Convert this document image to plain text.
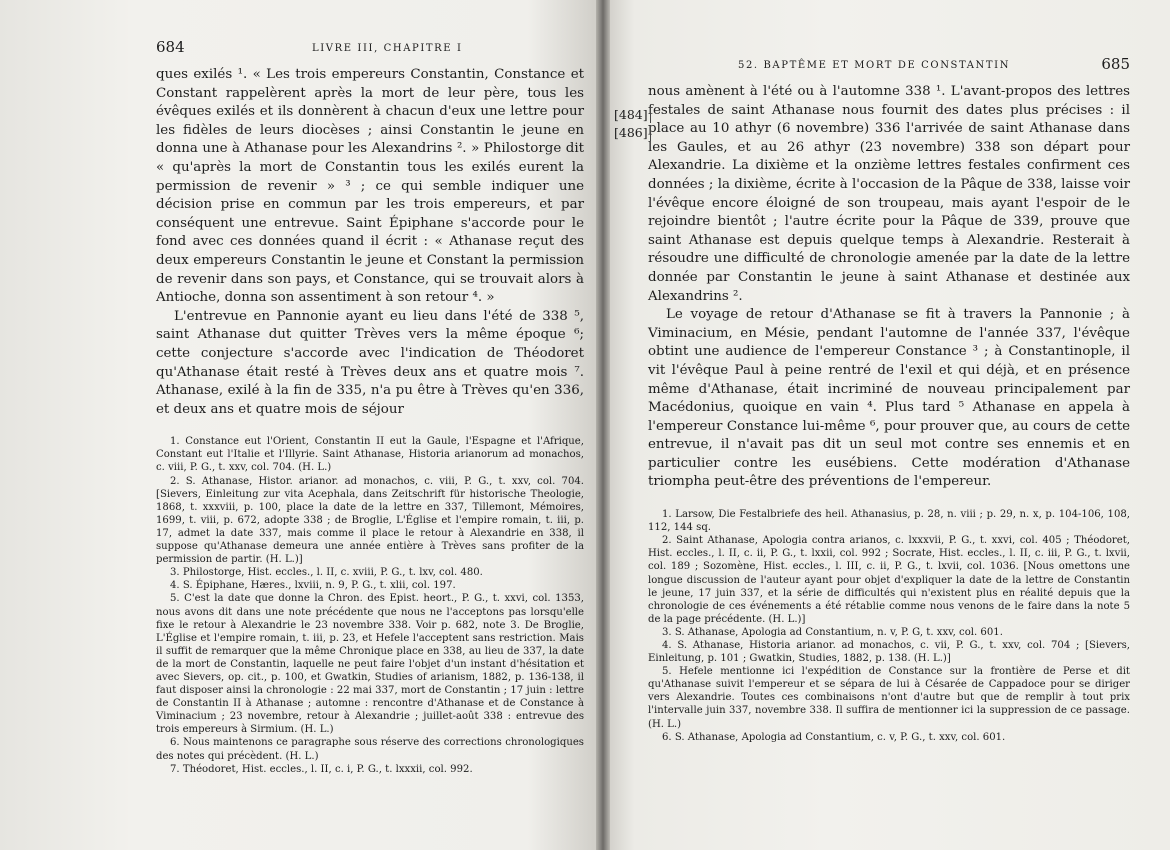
684	LIVRE III, CHAPITRE I

ques exilés ¹. « Les trois empereurs Constantin, Constance et Constant rappelèrent après la mort de leur père, tous les évêques exilés et ils donnèrent à chacun d'eux une lettre pour les fidèles de leurs diocèses ; ainsi Constantin le jeune en donna une à Athanase pour les Alexandrins ². » Philostorge dit « qu'après la mort de Constantin tous les exilés eurent la permission de revenir » ³ ; ce qui semble indiquer une décision prise en commun par les trois empereurs, et par conséquent une entrevue. Saint Épiphane s'accorde pour le fond avec ces données quand il écrit : « Athanase reçut des deux empereurs Constantin le jeune et Constant la permission de revenir dans son pays, et Constance, qui se trouvait alors à Antioche, donna son assentiment à son retour ⁴. »

L'entrevue en Pannonie ayant eu lieu dans l'été de 338 ⁵, saint Athanase dut quitter Trèves vers la même époque ⁶; cette conjecture s'accorde avec l'indication de Théodoret qu'Athanase était resté à Trèves deux ans et quatre mois ⁷. Athanase, exilé à la fin de 335, n'a pu être à Trèves qu'en 336, et deux ans et quatre mois de séjour

1. Constance eut l'Orient, Constantin II eut la Gaule, l'Espagne et l'Afrique, Constant eut l'Italie et l'Illyrie. Saint Athanase, Historia arianorum ad monachos, c. viii, P. G., t. xxv, col. 704. (H. L.)

2. S. Athanase, Histor. arianor. ad monachos, c. viii, P. G., t. xxv, col. 704. [Sievers, Einleitung zur vita Acephala, dans Zeitschrift für historische Theologie, 1868, t. xxxviii, p. 100, place la date de la lettre en 337, Tillemont, Mémoires, 1699, t. viii, p. 672, adopte 338 ; de Broglie, L'Église et l'empire romain, t. iii, p. 17, admet la date 337, mais comme il place le retour à Alexandrie en 338, il suppose qu'Athanase demeura une année entière à Trèves sans profiter de la permission de partir. (H. L.)]

3. Philostorge, Hist. eccles., l. II, c. xviii, P. G., t. lxv, col. 480.

4. S. Épiphane, Hæres., lxviii, n. 9, P. G., t. xlii, col. 197.

5. C'est la date que donne la Chron. des Epist. heort., P. G., t. xxvi, col. 1353, nous avons dit dans une note précédente que nous ne l'acceptons pas lorsqu'elle fixe le retour à Alexandrie le 23 novembre 338. Voir p. 682, note 3. De Broglie, L'Église et l'empire romain, t. iii, p. 23, et Hefele l'acceptent sans restriction. Mais il suffit de remarquer que la même Chronique place en 338, au lieu de 337, la date de la mort de Constantin, laquelle ne peut faire l'objet d'un instant d'hésitation et avec Sievers, op. cit., p. 100, et Gwatkin, Studies of arianism, 1882, p. 136-138, il faut disposer ainsi la chronologie : 22 mai 337, mort de Constantin ; 17 juin : lettre de Constantin II à Athanase ; automne : rencontre d'Athanase et de Constance à Viminacium ; 23 novembre, retour à Alexandrie ; juillet-août 338 : entrevue des trois empereurs à Sirmium. (H. L.)

6. Nous maintenons ce paragraphe sous réserve des corrections chronologiques des notes qui précèdent. (H. L.)

7. Théodoret, Hist. eccles., l. II, c. i, P. G., t. lxxxii, col. 992.

52. BAPTÊME ET MORT DE CONSTANTIN	685
[484]
[486]

nous amènent à l'été ou à l'automne 338 ¹. L'avant-propos des lettres festales de saint Athanase nous fournit des dates plus précises : il place au 10 athyr (6 novembre) 336 l'arrivée de saint Athanase dans les Gaules, et au 26 athyr (23 novembre) 338 son départ pour Alexandrie. La dixième et la onzième lettres festales confirment ces données ; la dixième, écrite à l'occasion de la Pâque de 338, laisse voir l'évêque encore éloigné de son troupeau, mais ayant l'espoir de le rejoindre bientôt ; l'autre écrite pour la Pâque de 339, prouve que saint Athanase est depuis quelque temps à Alexandrie. Resterait à résoudre une difficulté de chronologie amenée par la date de la lettre donnée par Constantin le jeune à saint Athanase et destinée aux Alexandrins ².

Le voyage de retour d'Athanase se fit à travers la Pannonie ; à Viminacium, en Mésie, pendant l'automne de l'année 337, l'évêque obtint une audience de l'empereur Constance ³ ; à Constantinople, il vit l'évêque Paul à peine rentré de l'exil et qui déjà, et en présence même d'Athanase, était incriminé de nouveau principalement par Macédonius, quoique en vain ⁴. Plus tard ⁵ Athanase en appela à l'empereur Constance lui-même ⁶, pour prouver que, au cours de cette entrevue, il n'avait pas dit un seul mot contre ses ennemis et en particulier contre les eusébiens. Cette modération d'Athanase triompha peut-être des préventions de l'empereur.

1. Larsow, Die Festalbriefe des heil. Athanasius, p. 28, n. viii ; p. 29, n. x, p. 104-106, 108, 112, 144 sq.

2. Saint Athanase, Apologia contra arianos, c. lxxxvii, P. G., t. xxvi, col. 405 ; Théodoret, Hist. eccles., l. II, c. ii, P. G., t. lxxii, col. 992 ; Socrate, Hist. eccles., l. II, c. iii, P. G., t. lxvii, col. 189 ; Sozomène, Hist. eccles., l. III, c. ii, P. G., t. lxvii, col. 1036. [Nous omettons une longue discussion de l'auteur ayant pour objet d'expliquer la date de la lettre de Constantin le jeune, 17 juin 337, et la série de difficultés qui n'existent plus en réalité depuis que la chronologie de ces événements a été rétablie comme nous venons de le faire dans la note 5 de la page précédente. (H. L.)]

3. S. Athanase, Apologia ad Constantium, n. v, P. G, t. xxv, col. 601.

4. S. Athanase, Historia arianor. ad monachos, c. vii, P. G., t. xxv, col. 704 ; [Sievers, Einleitung, p. 101 ; Gwatkin, Studies, 1882, p. 138. (H. L.)]

5. Hefele mentionne ici l'expédition de Constance sur la frontière de Perse et dit qu'Athanase suivit l'empereur et se sépara de lui à Césarée de Cappadoce pour se diriger vers Alexandrie. Toutes ces combinaisons n'ont d'autre but que de remplir à tout prix l'intervalle juin 337, novembre 338. Il suffira de mentionner ici la suppression de ce passage. (H. L.)

6. S. Athanase, Apologia ad Constantium, c. v, P. G., t. xxv, col. 601.
